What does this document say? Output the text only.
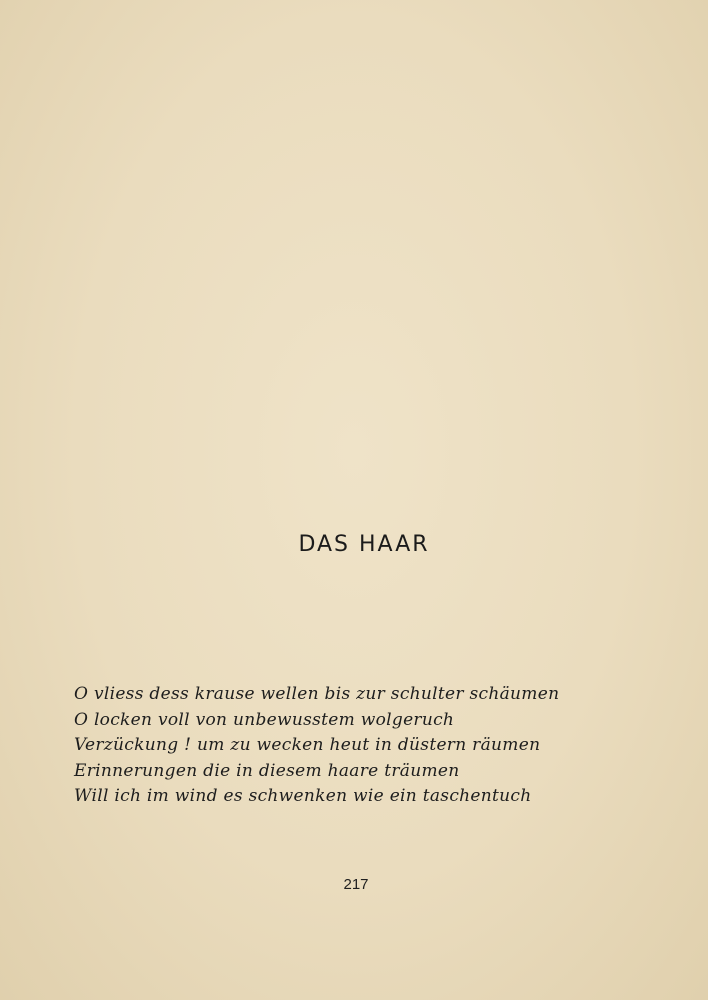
DAS HAAR
O vliess dess krause wellen bis zur schulter schäumen
O locken voll von unbewusstem wolgeruch
Verzückung ! um zu wecken heut in düstern räumen
Erinnerungen die in diesem haare träumen
Will ich im wind es schwenken wie ein taschentuch
217
